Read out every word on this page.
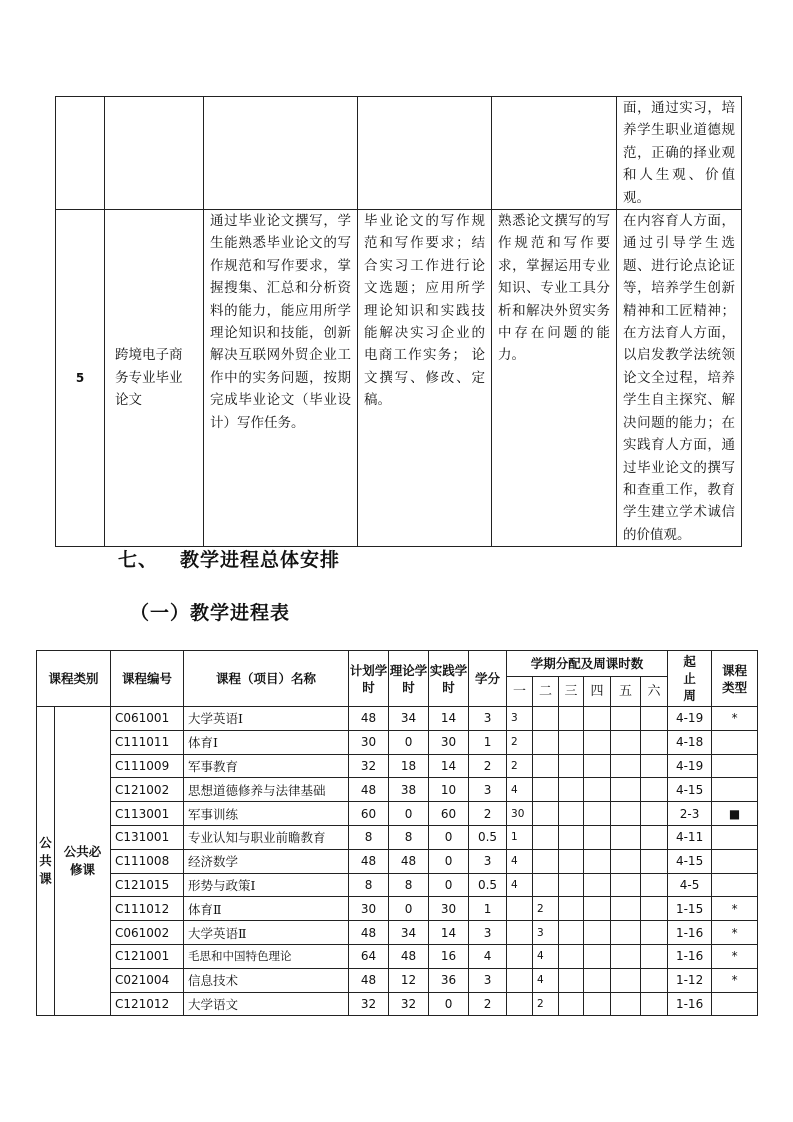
					面，通过实习，培养学生职业道德规范，正确的择业观和人生观、价值观。
5	跨境电子商务专业毕业论文	通过毕业论文撰写，学生能熟悉毕业论文的写作规范和写作要求，掌握搜集、汇总和分析资料的能力，能应用所学理论知识和技能，创新解决互联网外贸企业工作中的实务问题，按期完成毕业论文（毕业设计）写作任务。	毕业论文的写作规范和写作要求；结合实习工作进行论文选题；应用所学理论知识和实践技能解决实习企业的电商工作实务； 论文撰写、修改、定稿。	熟悉论文撰写的写作规范和写作要求，掌握运用专业知识、专业工具分析和解决外贸实务中存在问题的能力。	在内容育人方面，通过引导学生选题、进行论点论证等，培养学生创新精神和工匠精神；在方法育人方面，以启发教学法统领论文全过程，培养学生自主探究、解决问题的能力；在实践育人方面，通过毕业论文的撰写和查重工作，教育学生建立学术诚信的价值观。
七、 教学进程总体安排
（一）教学进程表
课程类别		课程编号	课程（项目）名称	计划学时	理论学时	实践学时	学分	学期分配及周课时数						起止周	课程类型
								一	二	三	四	五	六		
公共课	公共必修课	C061001	大学英语Ⅰ	48	34	14	3	3						4-19	*
		C111011	体育Ⅰ	30	0	30	1	2						4-18	
		C111009	军事教育	32	18	14	2	2						4-19	
		C121002	思想道德修养与法律基础	48	38	10	3	4						4-15	
		C113001	军事训练	60	0	60	2	30						2-3	■
		C131001	专业认知与职业前瞻教育	8	8	0	0.5	1						4-11	
		C111008	经济数学	48	48	0	3	4						4-15	
		C121015	形势与政策Ⅰ	8	8	0	0.5	4						4-5	
		C111012	体育Ⅱ	30	0	30	1		2					1-15	*
		C061002	大学英语Ⅱ	48	34	14	3		3					1-16	*
		C121001	毛思和中国特色理论	64	48	16	4		4					1-16	*
		C021004	信息技术	48	12	36	3		4					1-12	*
		C121012	大学语文	32	32	0	2		2					1-16	
